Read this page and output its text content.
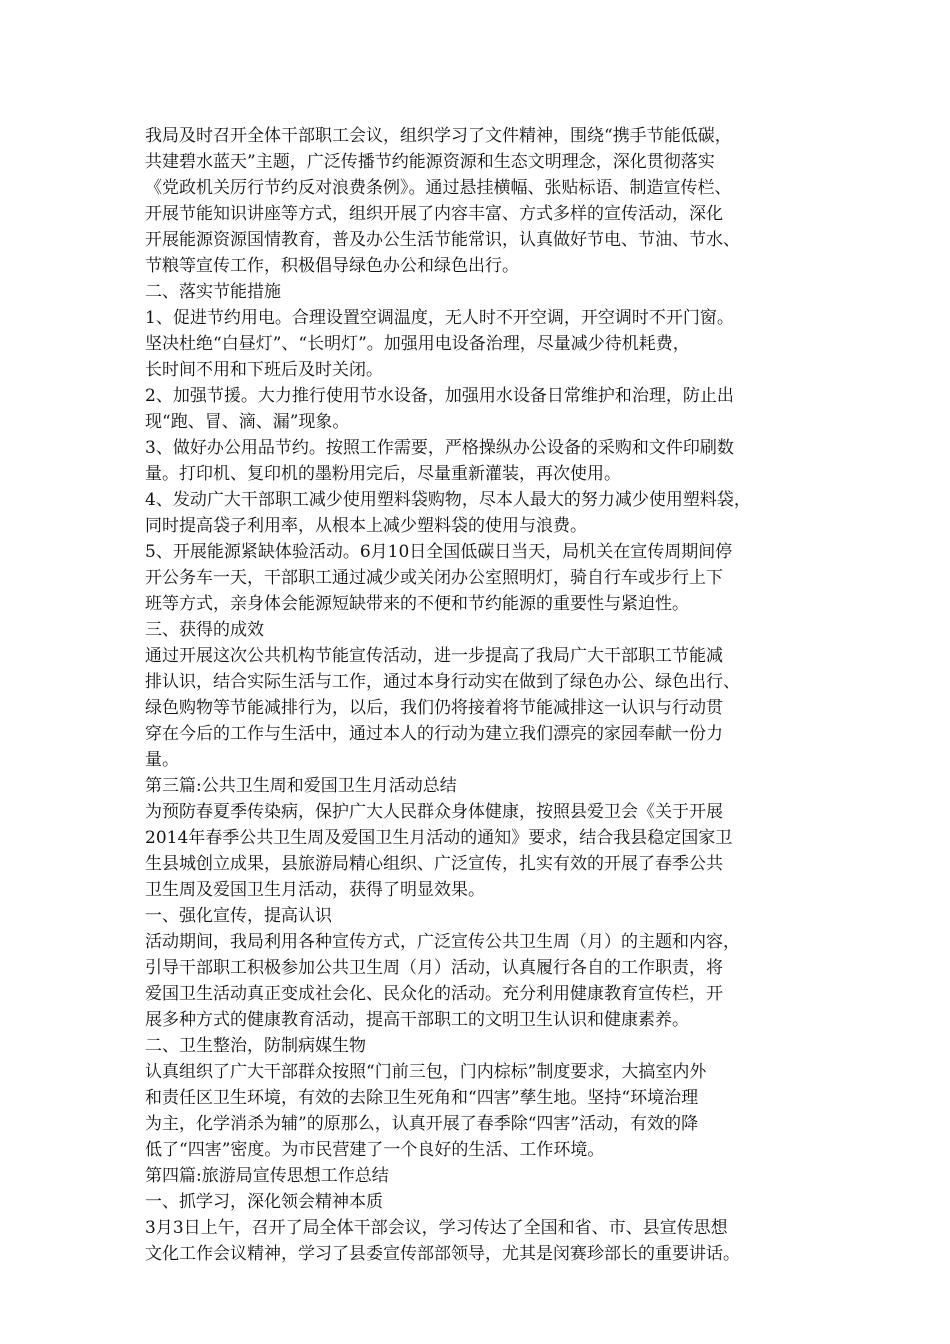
我局及时召开全体干部职工会议，组织学习了文件精神，围绕“携手节能低碳，
共建碧水蓝天”主题，广泛传播节约能源资源和生态文明理念，深化贯彻落实
《党政机关厉行节约反对浪费条例》。通过悬挂横幅、张贴标语、制造宣传栏、
开展节能知识讲座等方式，组织开展了内容丰富、方式多样的宣传活动，深化
开展能源资源国情教育，普及办公生活节能常识，认真做好节电、节油、节水、
节粮等宣传工作，积极倡导绿色办公和绿色出行。
二、落实节能措施
1、促进节约用电。合理设置空调温度，无人时不开空调，开空调时不开门窗。
坚决杜绝“白昼灯”、“长明灯”。加强用电设备治理，尽量减少待机耗费，
长时间不用和下班后及时关闭。
2、加强节援。大力推行使用节水设备，加强用水设备日常维护和治理，防止出
现“跑、冒、滴、漏”现象。
3、做好办公用品节约。按照工作需要，严格操纵办公设备的采购和文件印刷数
量。打印机、复印机的墨粉用完后，尽量重新灌装，再次使用。
4、发动广大干部职工减少使用塑料袋购物，尽本人最大的努力减少使用塑料袋，
同时提高袋子利用率，从根本上减少塑料袋的使用与浪费。
5、开展能源紧缺体验活动。6月10日全国低碳日当天，局机关在宣传周期间停
开公务车一天，干部职工通过减少或关闭办公室照明灯，骑自行车或步行上下
班等方式，亲身体会能源短缺带来的不便和节约能源的重要性与紧迫性。
三、获得的成效
通过开展这次公共机构节能宣传活动，进一步提高了我局广大干部职工节能减
排认识，结合实际生活与工作，通过本身行动实在做到了绿色办公、绿色出行、
绿色购物等节能减排行为，以后，我们仍将接着将节能减排这一认识与行动贯
穿在今后的工作与生活中，通过本人的行动为建立我们漂亮的家园奉献一份力
量。
第三篇:公共卫生周和爱国卫生月活动总结
为预防春夏季传染病，保护广大人民群众身体健康，按照县爱卫会《关于开展
2014年春季公共卫生周及爱国卫生月活动的通知》要求，结合我县稳定国家卫
生县城创立成果，县旅游局精心组织、广泛宣传，扎实有效的开展了春季公共
卫生周及爱国卫生月活动，获得了明显效果。
一、强化宣传，提高认识
活动期间，我局利用各种宣传方式，广泛宣传公共卫生周（月）的主题和内容，
引导干部职工积极参加公共卫生周（月）活动，认真履行各自的工作职责，将
爱国卫生活动真正变成社会化、民众化的活动。充分利用健康教育宣传栏，开
展多种方式的健康教育活动，提高干部职工的文明卫生认识和健康素养。
二、卫生整治，防制病媒生物
认真组织了广大干部群众按照“门前三包，门内棕标”制度要求，大搞室内外
和责任区卫生环境，有效的去除卫生死角和“四害”孳生地。坚持“环境治理
为主，化学消杀为辅”的原那么，认真开展了春季除“四害”活动，有效的降
低了“四害”密度。为市民营建了一个良好的生活、工作环境。
第四篇:旅游局宣传思想工作总结
一、抓学习，深化领会精神本质
3月3日上午，召开了局全体干部会议，学习传达了全国和省、市、县宣传思想
文化工作会议精神，学习了县委宣传部部领导，尤其是闵赛珍部长的重要讲话。
